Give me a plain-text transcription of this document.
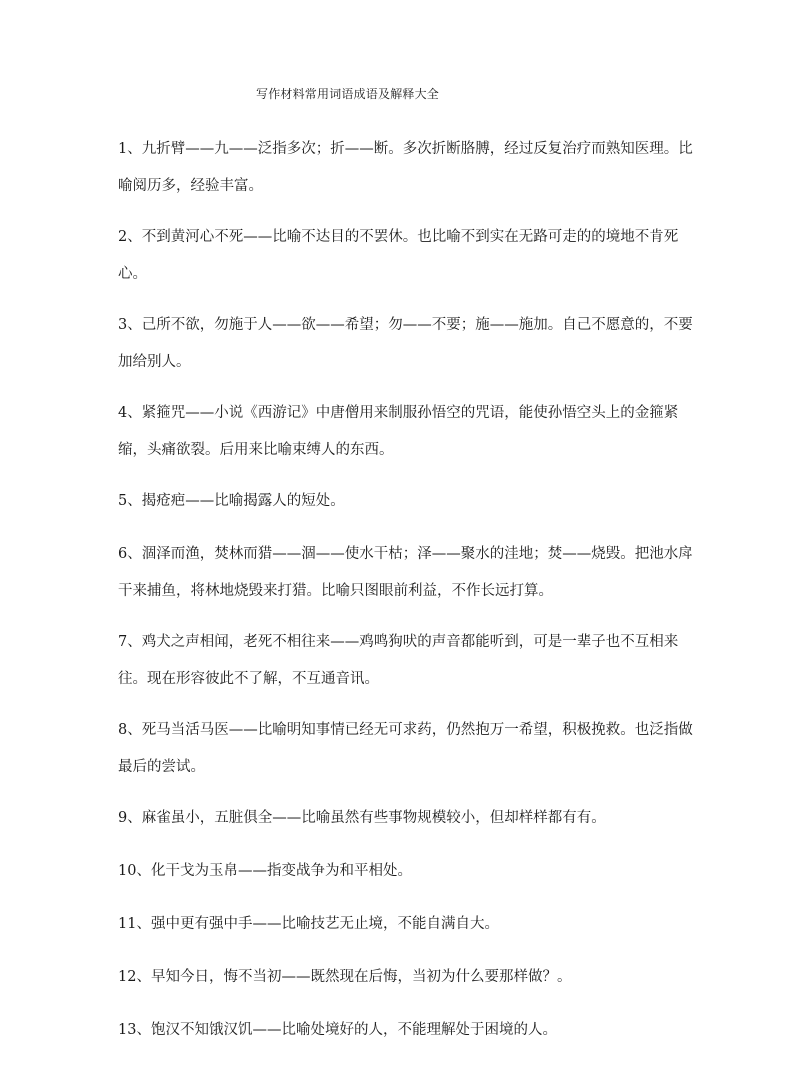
写作材料常用词语成语及解释大全

1、九折臂——九——泛指多次；折——断。多次折断胳膊，经过反复治疗而熟知医理。比喻阅历多，经验丰富。

2、不到黄河心不死——比喻不达目的不罢休。也比喻不到实在无路可走的的境地不肯死心。

3、己所不欲，勿施于人——欲——希望；勿——不要；施——施加。自己不愿意的，不要加给别人。

4、紧箍咒——小说《西游记》中唐僧用来制服孙悟空的咒语，能使孙悟空头上的金箍紧缩，头痛欲裂。后用来比喻束缚人的东西。

5、揭疮疤——比喻揭露人的短处。

6、涸泽而渔，焚林而猎——涸——使水干枯；泽——聚水的洼地；焚——烧毁。把池水戽干来捕鱼，将林地烧毁来打猎。比喻只图眼前利益，不作长远打算。

7、鸡犬之声相闻，老死不相往来——鸡鸣狗吠的声音都能听到，可是一辈子也不互相来往。现在形容彼此不了解，不互通音讯。

8、死马当活马医——比喻明知事情已经无可求药，仍然抱万一希望，积极挽救。也泛指做最后的尝试。

9、麻雀虽小，五脏俱全——比喻虽然有些事物规模较小，但却样样都有有。

10、化干戈为玉帛——指变战争为和平相处。

11、强中更有强中手——比喻技艺无止境，不能自满自大。

12、早知今日，悔不当初——既然现在后悔，当初为什么要那样做？。

13、饱汉不知饿汉饥——比喻处境好的人，不能理解处于困境的人。
